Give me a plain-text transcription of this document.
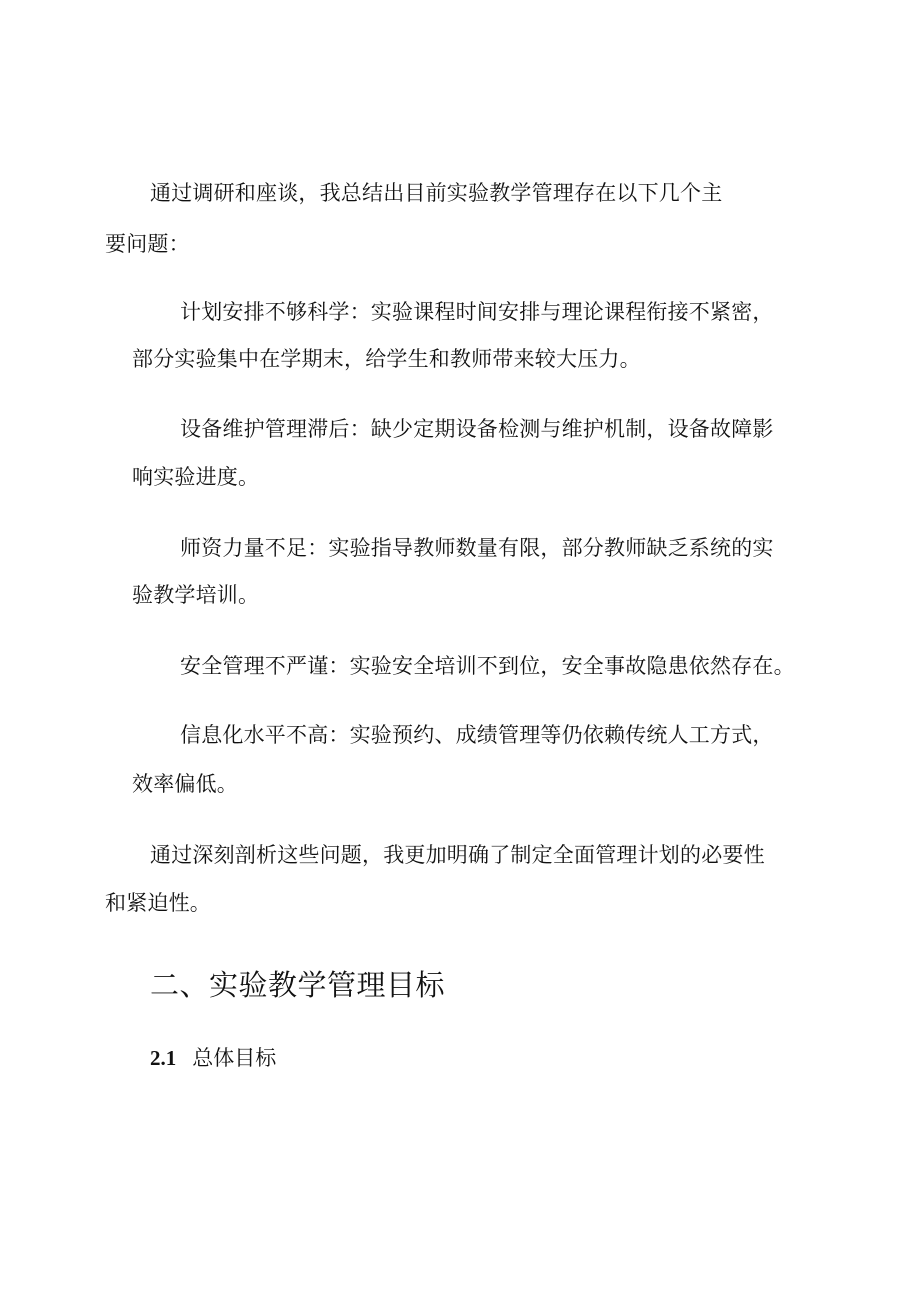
通过调研和座谈，我总结出目前实验教学管理存在以下几个主
要问题：
计划安排不够科学：实验课程时间安排与理论课程衔接不紧密，
部分实验集中在学期末，给学生和教师带来较大压力。
设备维护管理滞后：缺少定期设备检测与维护机制，设备故障影
响实验进度。
师资力量不足：实验指导教师数量有限，部分教师缺乏系统的实
验教学培训。
安全管理不严谨：实验安全培训不到位，安全事故隐患依然存在。
信息化水平不高：实验预约、成绩管理等仍依赖传统人工方式，
效率偏低。
通过深刻剖析这些问题，我更加明确了制定全面管理计划的必要性
和紧迫性。
二、实验教学管理目标
2.1 总体目标
